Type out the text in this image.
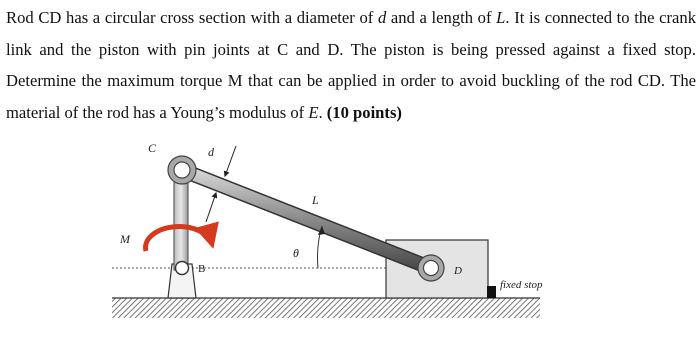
Rod CD has a circular cross section with a diameter of d and a length of L. It is connected to the crank link and the piston with pin joints at C and D. The piston is being pressed against a fixed stop. Determine the maximum torque M that can be applied in order to avoid buckling of the rod CD. The material of the rod has a Young’s modulus of E. (10 points)

C	d
L
M
θ
B	D
fixed stop
